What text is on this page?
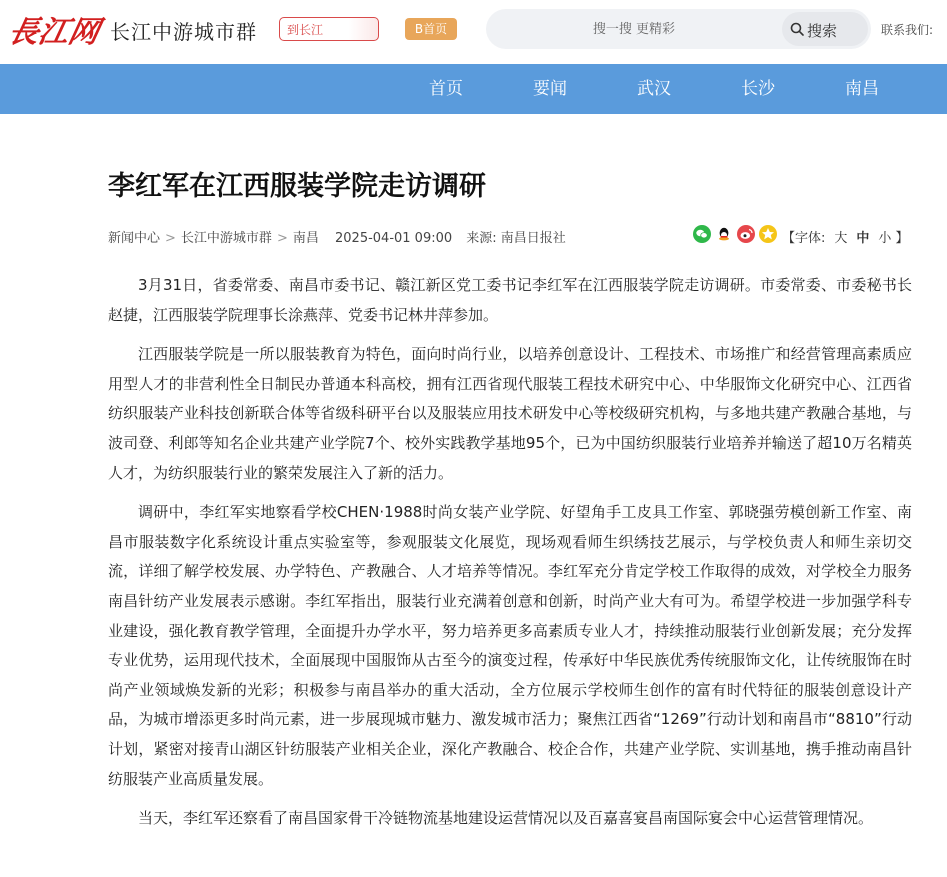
長江网 长江中游城市群	到长江	B首页
搜一搜 更精彩	搜索	联系我们:
首页	要闻	武汉	长沙	南昌
李红军在江西服装学院走访调研
新闻中心 > 长江中游城市群 > 南昌 2025-04-01 09:00 来源: 南昌日报社	【字体: 大 中 小 】

3月31日，省委常委、南昌市委书记、赣江新区党工委书记李红军在江西服装学院走访调研。市委常委、市委秘书长赵捷，江西服装学院理事长涂燕萍、党委书记林井萍参加。

江西服装学院是一所以服装教育为特色，面向时尚行业，以培养创意设计、工程技术、市场推广和经营管理高素质应用型人才的非营利性全日制民办普通本科高校，拥有江西省现代服装工程技术研究中心、中华服饰文化研究中心、江西省纺织服装产业科技创新联合体等省级科研平台以及服装应用技术研发中心等校级研究机构，与多地共建产教融合基地，与波司登、利郎等知名企业共建产业学院7个、校外实践教学基地95个，已为中国纺织服装行业培养并输送了超10万名精英人才，为纺织服装行业的繁荣发展注入了新的活力。

调研中，李红军实地察看学校CHEN·1988时尚女装产业学院、好望角手工皮具工作室、郭晓强劳模创新工作室、南昌市服装数字化系统设计重点实验室等，参观服装文化展览，现场观看师生织绣技艺展示，与学校负责人和师生亲切交流，详细了解学校发展、办学特色、产教融合、人才培养等情况。李红军充分肯定学校工作取得的成效，对学校全力服务南昌针纺产业发展表示感谢。李红军指出，服装行业充满着创意和创新，时尚产业大有可为。希望学校进一步加强学科专业建设，强化教育教学管理，全面提升办学水平，努力培养更多高素质专业人才，持续推动服装行业创新发展；充分发挥专业优势，运用现代技术，全面展现中国服饰从古至今的演变过程，传承好中华民族优秀传统服饰文化，让传统服饰在时尚产业领域焕发新的光彩；积极参与南昌举办的重大活动，全方位展示学校师生创作的富有时代特征的服装创意设计产品，为城市增添更多时尚元素，进一步展现城市魅力、激发城市活力；聚焦江西省“1269”行动计划和南昌市“8810”行动计划，紧密对接青山湖区针纺服装产业相关企业，深化产教融合、校企合作，共建产业学院、实训基地，携手推动南昌针纺服装产业高质量发展。

当天，李红军还察看了南昌国家骨干冷链物流基地建设运营情况以及百嘉喜宴昌南国际宴会中心运营管理情况。
